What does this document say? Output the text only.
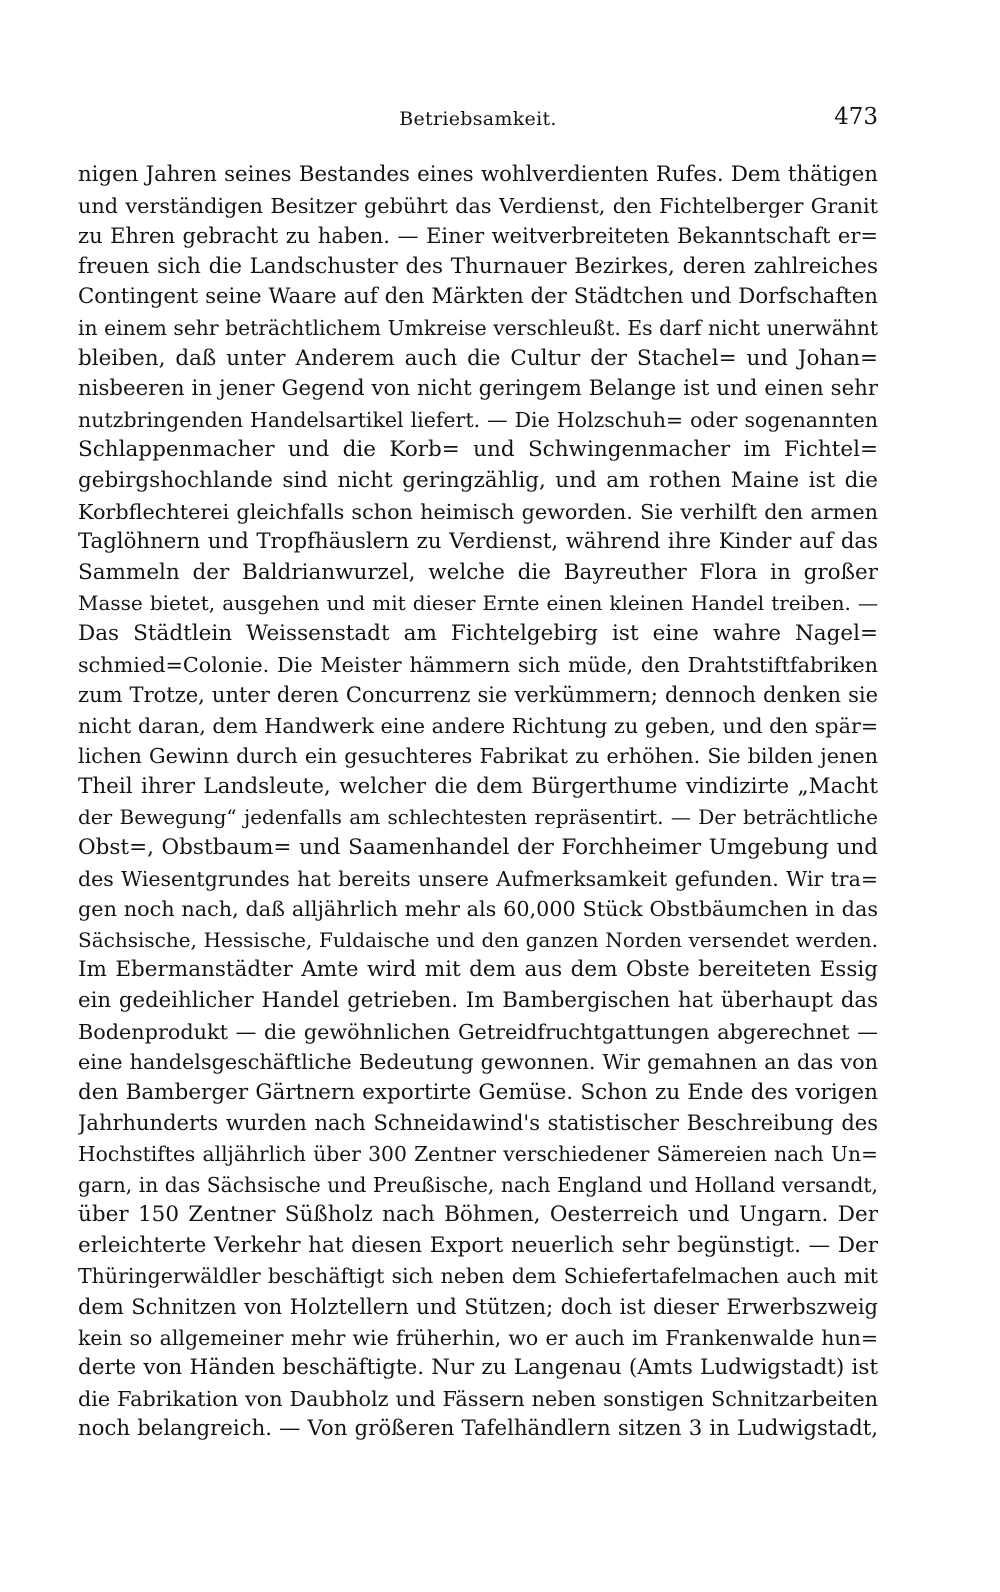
Betriebsamkeit.	473
nigen Jahren seines Bestandes eines wohlverdienten Rufes. Dem thätigen
und verständigen Besitzer gebührt das Verdienst, den Fichtelberger Granit
zu Ehren gebracht zu haben. — Einer weitverbreiteten Bekanntschaft er=
freuen sich die Landschuster des Thurnauer Bezirkes, deren zahlreiches
Contingent seine Waare auf den Märkten der Städtchen und Dorfschaften
in einem sehr beträchtlichem Umkreise verschleußt. Es darf nicht unerwähnt
bleiben, daß unter Anderem auch die Cultur der Stachel= und Johan=
nisbeeren in jener Gegend von nicht geringem Belange ist und einen sehr
nutzbringenden Handelsartikel liefert. — Die Holzschuh= oder sogenannten
Schlappenmacher und die Korb= und Schwingenmacher im Fichtel=
gebirgshochlande sind nicht geringzählig, und am rothen Maine ist die
Korbflechterei gleichfalls schon heimisch geworden. Sie verhilft den armen
Taglöhnern und Tropfhäuslern zu Verdienst, während ihre Kinder auf das
Sammeln der Baldrianwurzel, welche die Bayreuther Flora in großer
Masse bietet, ausgehen und mit dieser Ernte einen kleinen Handel treiben. —
Das Städtlein Weissenstadt am Fichtelgebirg ist eine wahre Nagel=
schmied=Colonie. Die Meister hämmern sich müde, den Drahtstiftfabriken
zum Trotze, unter deren Concurrenz sie verkümmern; dennoch denken sie
nicht daran, dem Handwerk eine andere Richtung zu geben, und den spär=
lichen Gewinn durch ein gesuchteres Fabrikat zu erhöhen. Sie bilden jenen
Theil ihrer Landsleute, welcher die dem Bürgerthume vindizirte „Macht
der Bewegung“ jedenfalls am schlechtesten repräsentirt. — Der beträchtliche
Obst=, Obstbaum= und Saamenhandel der Forchheimer Umgebung und
des Wiesentgrundes hat bereits unsere Aufmerksamkeit gefunden. Wir tra=
gen noch nach, daß alljährlich mehr als 60,000 Stück Obstbäumchen in das
Sächsische, Hessische, Fuldaische und den ganzen Norden versendet werden.
Im Ebermanstädter Amte wird mit dem aus dem Obste bereiteten Essig
ein gedeihlicher Handel getrieben. Im Bambergischen hat überhaupt das
Bodenprodukt — die gewöhnlichen Getreidfruchtgattungen abgerechnet —
eine handelsgeschäftliche Bedeutung gewonnen. Wir gemahnen an das von
den Bamberger Gärtnern exportirte Gemüse. Schon zu Ende des vorigen
Jahrhunderts wurden nach Schneidawind's statistischer Beschreibung des
Hochstiftes alljährlich über 300 Zentner verschiedener Sämereien nach Un=
garn, in das Sächsische und Preußische, nach England und Holland versandt,
über 150 Zentner Süßholz nach Böhmen, Oesterreich und Ungarn. Der
erleichterte Verkehr hat diesen Export neuerlich sehr begünstigt. — Der
Thüringerwäldler beschäftigt sich neben dem Schiefertafelmachen auch mit
dem Schnitzen von Holztellern und Stützen; doch ist dieser Erwerbszweig
kein so allgemeiner mehr wie früherhin, wo er auch im Frankenwalde hun=
derte von Händen beschäftigte. Nur zu Langenau (Amts Ludwigstadt) ist
die Fabrikation von Daubholz und Fässern neben sonstigen Schnitzarbeiten
noch belangreich. — Von größeren Tafelhändlern sitzen 3 in Ludwigstadt,
